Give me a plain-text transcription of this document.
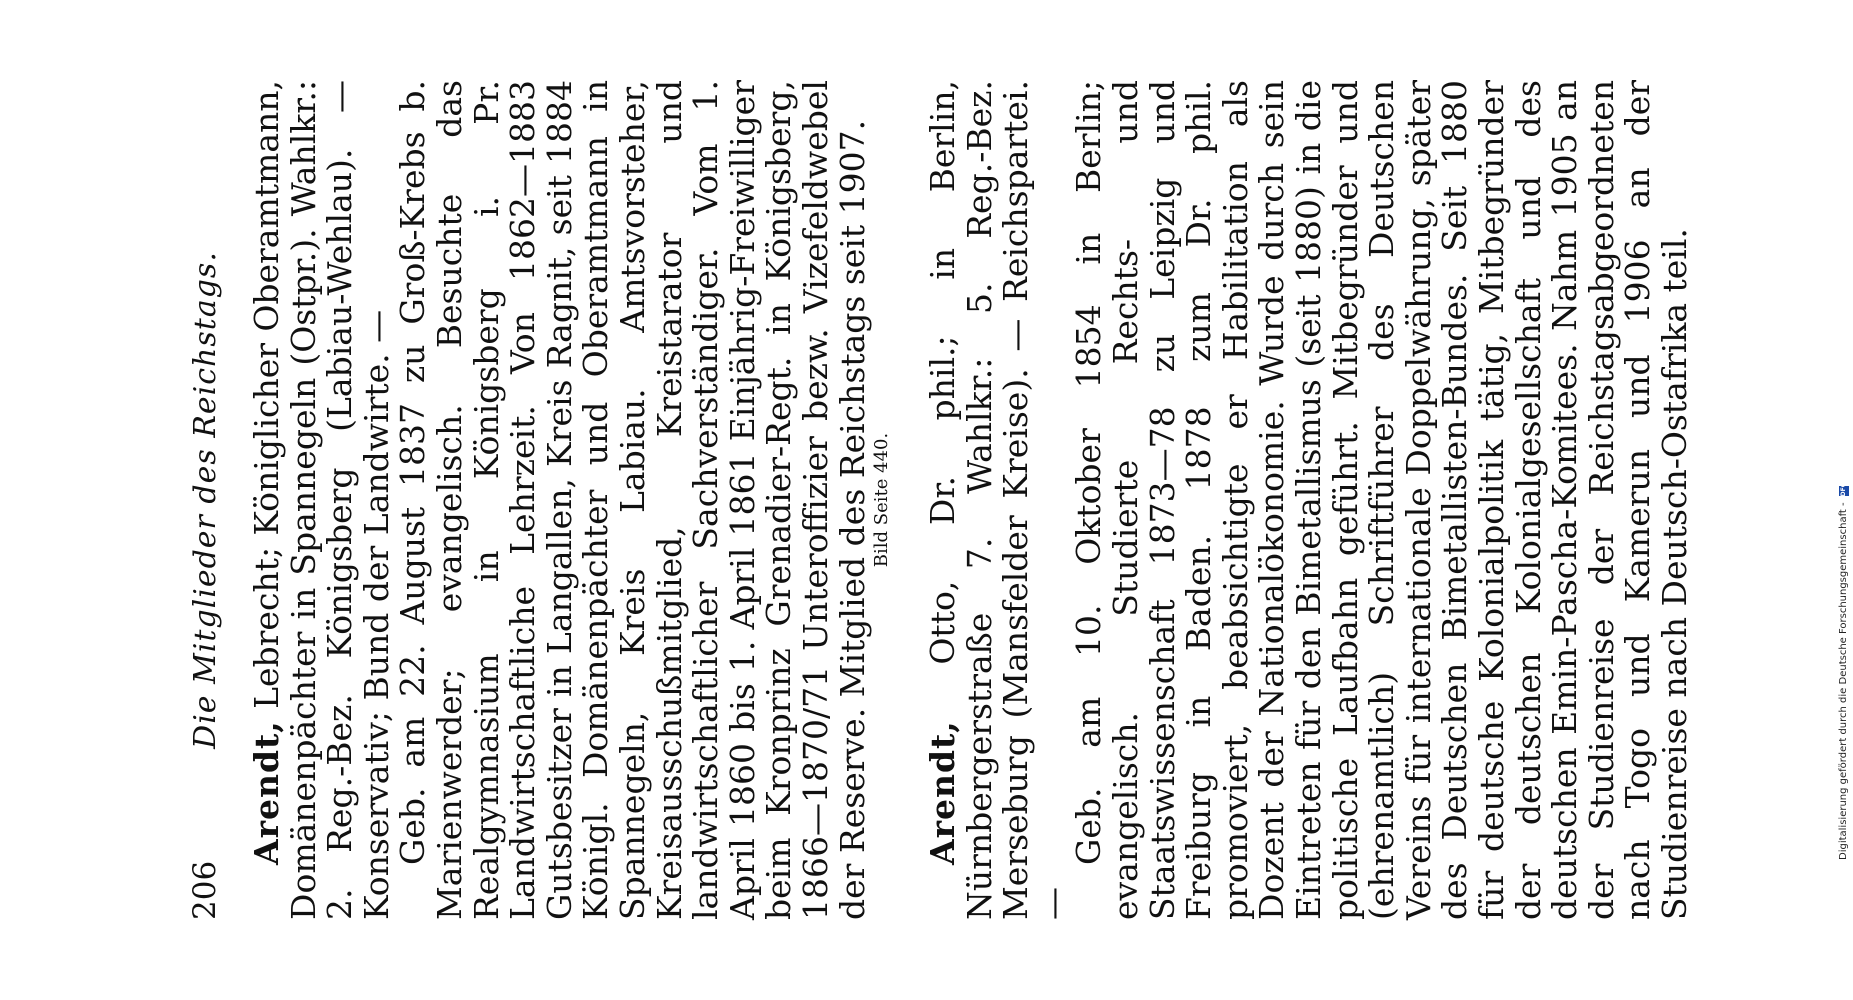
206
Die Mitglieder des Reichstags.

Arendt, Lebrecht; Königlicher Oberamtmann, Domänenpächter in Spannegeln (Ostpr.). Wahlkr.: 2. Reg.-Bez. Königsberg (Labiau-Wehlau). — Konservativ; Bund der Landwirte. —

Geb. am 22. August 1837 zu Groß-Krebs b. Marienwerder; evangelisch. Besuchte das Realgymnasium in Königsberg i. Pr. Landwirtschaftliche Lehrzeit. Von 1862—1883 Gutsbesitzer in Langallen, Kreis Ragnit, seit 1884 Königl. Domänenpächter und Oberamtmann in Spannegeln, Kreis Labiau. Amtsvorsteher, Kreisausschußmitglied, Kreistarator und landwirtschaftlicher Sachverständiger. Vom 1. April 1860 bis 1. April 1861 Einjährig-Freiwilliger beim Kronprinz Grenadier-Regt. in Königsberg, 1866—1870/71 Unteroffizier bezw. Vizefeldwebel der Reserve. Mitglied des Reichstags seit 1907. Bild Seite 440.

Arendt, Otto, Dr. phil.; in Berlin, Nürnbergerstraße 7. Wahlkr.: 5. Reg.-Bez. Merseburg (Mansfelder Kreise). — Reichspartei. —

Geb. am 10. Oktober 1854 in Berlin; evangelisch. Studierte Rechts- und Staatswissenschaft 1873—78 zu Leipzig und Freiburg in Baden. 1878 zum Dr. phil. promoviert, beabsichtigte er Habilitation als Dozent der Nationalökonomie. Wurde durch sein Eintreten für den Bimetallismus (seit 1880) in die politische Laufbahn geführt. Mitbegründer und (ehrenamtlich) Schriftführer des Deutschen Vereins für internationale Doppelwährung, später des Deutschen Bimetallisten-Bundes. Seit 1880 für deutsche Kolonialpolitik tätig, Mitbegründer der deutschen Kolonialgesellschaft und des deutschen Emin-Pascha-Komitees. Nahm 1905 an der Studienreise der Reichstagsabgeordneten nach Togo und Kamerun und 1906 an der Studienreise nach Deutsch-Ostafrika teil.	Digitalisierung gefördert durch die Deutsche Forschungsgemeinschaft -
DFG
